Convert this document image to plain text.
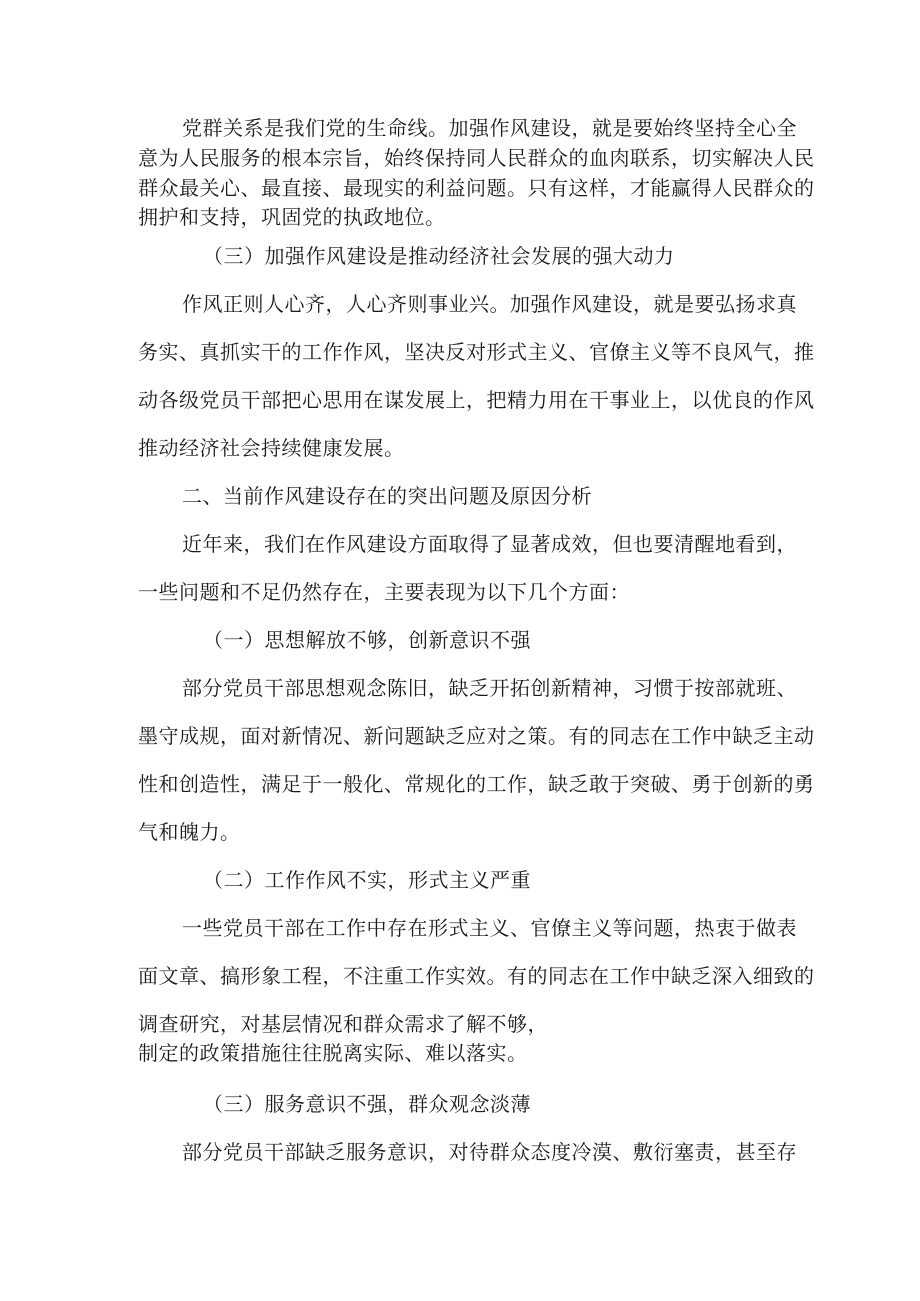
党群关系是我们党的生命线。加强作风建设，就是要始终坚持全心全
意为人民服务的根本宗旨，始终保持同人民群众的血肉联系，切实解决人民
群众最关心、最直接、最现实的利益问题。只有这样，才能赢得人民群众的
拥护和支持，巩固党的执政地位。
（三）加强作风建设是推动经济社会发展的强大动力
作风正则人心齐，人心齐则事业兴。加强作风建设，就是要弘扬求真
务实、真抓实干的工作作风，坚决反对形式主义、官僚主义等不良风气，推
动各级党员干部把心思用在谋发展上，把精力用在干事业上，以优良的作风
推动经济社会持续健康发展。
二、当前作风建设存在的突出问题及原因分析
近年来，我们在作风建设方面取得了显著成效，但也要清醒地看到，
一些问题和不足仍然存在，主要表现为以下几个方面：
（一）思想解放不够，创新意识不强
部分党员干部思想观念陈旧，缺乏开拓创新精神，习惯于按部就班、
墨守成规，面对新情况、新问题缺乏应对之策。有的同志在工作中缺乏主动
性和创造性，满足于一般化、常规化的工作，缺乏敢于突破、勇于创新的勇
气和魄力。
（二）工作作风不实，形式主义严重
一些党员干部在工作中存在形式主义、官僚主义等问题，热衷于做表
面文章、搞形象工程，不注重工作实效。有的同志在工作中缺乏深入细致的
调查研究，对基层情况和群众需求了解不够，
制定的政策措施往往脱离实际、难以落实。
（三）服务意识不强，群众观念淡薄
部分党员干部缺乏服务意识，对待群众态度冷漠、敷衍塞责，甚至存
